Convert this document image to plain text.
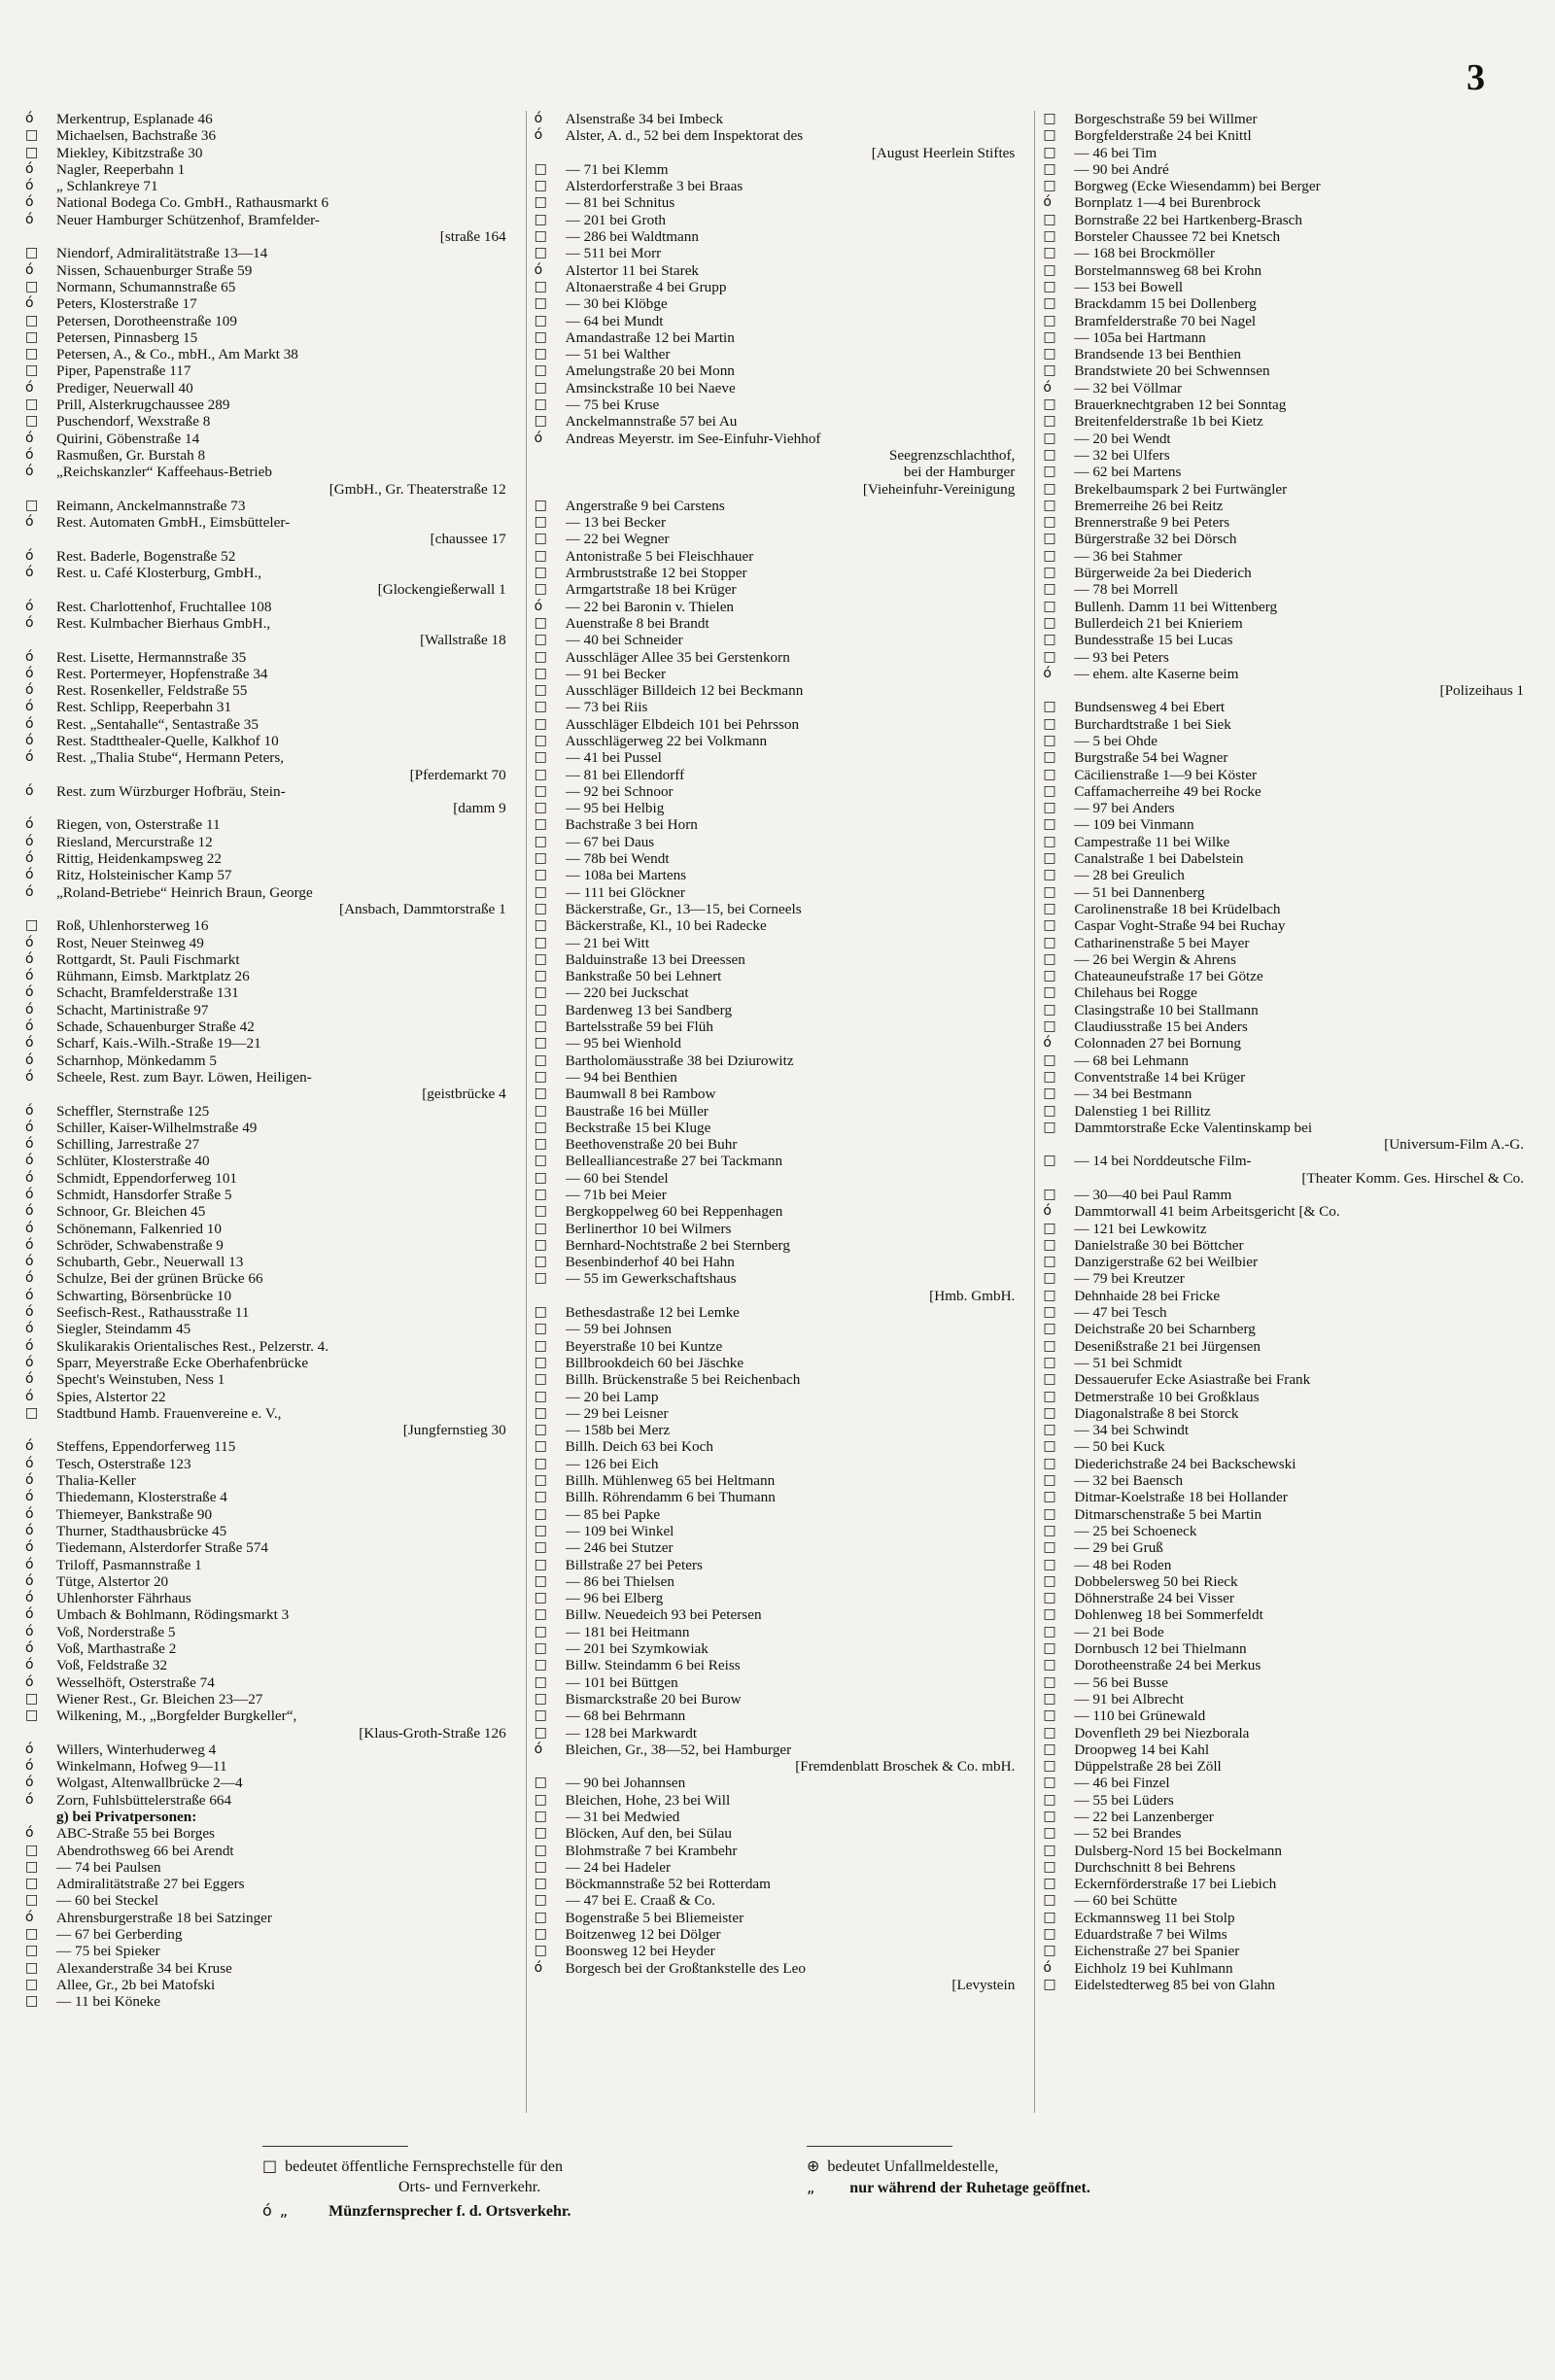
3
ό	Merkentrup, Esplanade 46
□	Michaelsen, Bachstraße 36
□	Miekley, Kibitzstraße 30
ό	Nagler, Reeperbahn 1
ό	„ Schlankreye 71
ό	National Bodega Co. GmbH., Rathausmarkt 6
ό	Neuer Hamburger Schützenhof, Bramfelder-
[straße 164
□	Niendorf, Admiralitätstraße 13—14
ό	Nissen, Schauenburger Straße 59
□	Normann, Schumannstraße 65
ό	Peters, Klosterstraße 17
□	Petersen, Dorotheenstraße 109
□	Petersen, Pinnasberg 15
□	Petersen, A., & Co., mbH., Am Markt 38
□	Piper, Papenstraße 117
ό	Prediger, Neuerwall 40
□	Prill, Alsterkrugchaussee 289
□	Puschendorf, Wexstraße 8
ό	Quirini, Göbenstraße 14
ό	Rasmußen, Gr. Burstah 8
ό	„Reichskanzler“ Kaffeehaus-Betrieb
[GmbH., Gr. Theaterstraße 12
□	Reimann, Anckelmannstraße 73
ό	Rest. Automaten GmbH., Eimsbütteler-
[chaussee 17
ό	Rest. Baderle, Bogenstraße 52
ό	Rest. u. Café Klosterburg, GmbH.,
[Glockengießerwall 1
ό	Rest. Charlottenhof, Fruchtallee 108
ό	Rest. Kulmbacher Bierhaus GmbH.,
[Wallstraße 18
ό	Rest. Lisette, Hermannstraße 35
ό	Rest. Portermeyer, Hopfenstraße 34
ό	Rest. Rosenkeller, Feldstraße 55
ό	Rest. Schlipp, Reeperbahn 31
ό	Rest. „Sentahalle“, Sentastraße 35
ό	Rest. Stadtthealer-Quelle, Kalkhof 10
ό	Rest. „Thalia Stube“, Hermann Peters,
[Pferdemarkt 70
ό	Rest. zum Würzburger Hofbräu, Stein-
[damm 9
ό	Riegen, von, Osterstraße 11
ό	Riesland, Mercurstraße 12
ό	Rittig, Heidenkampsweg 22
ό	Ritz, Holsteinischer Kamp 57
ό	„Roland-Betriebe“ Heinrich Braun, George
[Ansbach, Dammtorstraße 1
□	Roß, Uhlenhorsterweg 16
ό	Rost, Neuer Steinweg 49
ό	Rottgardt, St. Pauli Fischmarkt
ό	Rühmann, Eimsb. Marktplatz 26
ό	Schacht, Bramfelderstraße 131
ό	Schacht, Martinistraße 97
ό	Schade, Schauenburger Straße 42
ό	Scharf, Kais.-Wilh.-Straße 19—21
ό	Scharnhop, Mönkedamm 5
ό	Scheele, Rest. zum Bayr. Löwen, Heiligen-
[geistbrücke 4
ό	Scheffler, Sternstraße 125
ό	Schiller, Kaiser-Wilhelmstraße 49
ό	Schilling, Jarrestraße 27
ό	Schlüter, Klosterstraße 40
ό	Schmidt, Eppendorferweg 101
ό	Schmidt, Hansdorfer Straße 5
ό	Schnoor, Gr. Bleichen 45
ό	Schönemann, Falkenried 10
ό	Schröder, Schwabenstraße 9
ό	Schubarth, Gebr., Neuerwall 13
ό	Schulze, Bei der grünen Brücke 66
ό	Schwarting, Börsenbrücke 10
ό	Seefisch-Rest., Rathausstraße 11
ό	Siegler, Steindamm 45
ό	Skulikarakis Orientalisches Rest., Pelzerstr. 4.
ό	Sparr, Meyerstraße Ecke Oberhafenbrücke
ό	Specht's Weinstuben, Ness 1
ό	Spies, Alstertor 22
□	Stadtbund Hamb. Frauenvereine e. V.,
[Jungfernstieg 30
ό	Steffens, Eppendorferweg 115
ό	Tesch, Osterstraße 123
ό	Thalia-Keller
ό	Thiedemann, Klosterstraße 4
ό	Thiemeyer, Bankstraße 90
ό	Thurner, Stadthausbrücke 45
ό	Tiedemann, Alsterdorfer Straße 574
ό	Triloff, Pasmannstraße 1
ό	Tütge, Alstertor 20
ό	Uhlenhorster Fährhaus
ό	Umbach & Bohlmann, Rödingsmarkt 3
ό	Voß, Norderstraße 5
ό	Voß, Marthastraße 2
ό	Voß, Feldstraße 32
ό	Wesselhöft, Osterstraße 74
□	Wiener Rest., Gr. Bleichen 23—27
□	Wilkening, M., „Borgfelder Burgkeller“,
[Klaus-Groth-Straße 126
ό	Willers, Winterhuderweg 4
ό	Winkelmann, Hofweg 9—11
ό	Wolgast, Altenwallbrücke 2—4
ό	Zorn, Fuhlsbüttelerstraße 664
g) bei Privatpersonen:
ό	ABC-Straße 55 bei Borges
□	Abendrothsweg 66 bei Arendt
□	— 74 bei Paulsen
□	Admiralitätstraße 27 bei Eggers
□	— 60 bei Steckel
ό	Ahrensburgerstraße 18 bei Satzinger
□	— 67 bei Gerberding
□	— 75 bei Spieker
□	Alexanderstraße 34 bei Kruse
□	Allee, Gr., 2b bei Matofski
□	— 11 bei Köneke
ό	Alsenstraße 34 bei Imbeck
ό	Alster, A. d., 52 bei dem Inspektorat des
[August Heerlein Stiftes
□	— 71 bei Klemm
□	Alsterdorferstraße 3 bei Braas
□	— 81 bei Schnitus
□	— 201 bei Groth
□	— 286 bei Waldtmann
□	— 511 bei Morr
ό	Alstertor 11 bei Starek
□	Altonaerstraße 4 bei Grupp
□	— 30 bei Klöbge
□	— 64 bei Mundt
□	Amandastraße 12 bei Martin
□	— 51 bei Walther
□	Amelungstraße 20 bei Monn
□	Amsinckstraße 10 bei Naeve
□	— 75 bei Kruse
□	Anckelmannstraße 57 bei Au
ό	Andreas Meyerstr. im See-Einfuhr-Viehhof
Seegrenzschlachthof,
bei der Hamburger
[Vieheinfuhr-Vereinigung
□	Angerstraße 9 bei Carstens
□	— 13 bei Becker
□	— 22 bei Wegner
□	Antonistraße 5 bei Fleischhauer
□	Armbruststraße 12 bei Stopper
□	Armgartstraße 18 bei Krüger
ό	— 22 bei Baronin v. Thielen
□	Auenstraße 8 bei Brandt
□	— 40 bei Schneider
□	Ausschläger Allee 35 bei Gerstenkorn
□	— 91 bei Becker
□	Ausschläger Billdeich 12 bei Beckmann
□	— 73 bei Riis
□	Ausschläger Elbdeich 101 bei Pehrsson
□	Ausschlägerweg 22 bei Volkmann
□	— 41 bei Pussel
□	— 81 bei Ellendorff
□	— 92 bei Schnoor
□	— 95 bei Helbig
□	Bachstraße 3 bei Horn
□	— 67 bei Daus
□	— 78b bei Wendt
□	— 108a bei Martens
□	— 111 bei Glöckner
□	Bäckerstraße, Gr., 13—15, bei Corneels
□	Bäckerstraße, Kl., 10 bei Radecke
□	— 21 bei Witt
□	Balduinstraße 13 bei Dreessen
□	Bankstraße 50 bei Lehnert
□	— 220 bei Juckschat
□	Bardenweg 13 bei Sandberg
□	Bartelsstraße 59 bei Flüh
□	— 95 bei Wienhold
□	Bartholomäusstraße 38 bei Dziurowitz
□	— 94 bei Benthien
□	Baumwall 8 bei Rambow
□	Baustraße 16 bei Müller
□	Beckstraße 15 bei Kluge
□	Beethovenstraße 20 bei Buhr
□	Bellealliancestraße 27 bei Tackmann
□	— 60 bei Stendel
□	— 71b bei Meier
□	Bergkoppelweg 60 bei Reppenhagen
□	Berlinerthor 10 bei Wilmers
□	Bernhard-Nochtstraße 2 bei Sternberg
□	Besenbinderhof 40 bei Hahn
□	— 55 im Gewerkschaftshaus
[Hmb. GmbH.
□	Bethesdastraße 12 bei Lemke
□	— 59 bei Johnsen
□	Beyerstraße 10 bei Kuntze
□	Billbrookdeich 60 bei Jäschke
□	Billh. Brückenstraße 5 bei Reichenbach
□	— 20 bei Lamp
□	— 29 bei Leisner
□	— 158b bei Merz
□	Billh. Deich 63 bei Koch
□	— 126 bei Eich
□	Billh. Mühlenweg 65 bei Heltmann
□	Billh. Röhrendamm 6 bei Thumann
□	— 85 bei Papke
□	— 109 bei Winkel
□	— 246 bei Stutzer
□	Billstraße 27 bei Peters
□	— 86 bei Thielsen
□	— 96 bei Elberg
□	Billw. Neuedeich 93 bei Petersen
□	— 181 bei Heitmann
□	— 201 bei Szymkowiak
□	Billw. Steindamm 6 bei Reiss
□	— 101 bei Büttgen
□	Bismarckstraße 20 bei Burow
□	— 68 bei Behrmann
□	— 128 bei Markwardt
ό	Bleichen, Gr., 38—52, bei Hamburger
[Fremdenblatt Broschek & Co. mbH.
□	— 90 bei Johannsen
□	Bleichen, Hohe, 23 bei Will
□	— 31 bei Medwied
□	Blöcken, Auf den, bei Sülau
□	Blohmstraße 7 bei Krambehr
□	— 24 bei Hadeler
□	Böckmannstraße 52 bei Rotterdam
□	— 47 bei E. Craaß & Co.
□	Bogenstraße 5 bei Bliemeister
□	Boitzenweg 12 bei Dölger
□	Boonsweg 12 bei Heyder
ό	Borgesch bei der Großtankstelle des Leo
[Levystein
□	Borgeschstraße 59 bei Willmer
□	Borgfelderstraße 24 bei Knittl
□	— 46 bei Tim
□	— 90 bei André
□	Borgweg (Ecke Wiesendamm) bei Berger
ό	Bornplatz 1—4 bei Burenbrock
□	Bornstraße 22 bei Hartkenberg-Brasch
□	Borsteler Chaussee 72 bei Knetsch
□	— 168 bei Brockmöller
□	Borstelmannsweg 68 bei Krohn
□	— 153 bei Bowell
□	Brackdamm 15 bei Dollenberg
□	Bramfelderstraße 70 bei Nagel
□	— 105a bei Hartmann
□	Brandsende 13 bei Benthien
□	Brandstwiete 20 bei Schwennsen
ό	— 32 bei Völlmar
□	Brauerknechtgraben 12 bei Sonntag
□	Breitenfelderstraße 1b bei Kietz
□	— 20 bei Wendt
□	— 32 bei Ulfers
□	— 62 bei Martens
□	Brekelbaumspark 2 bei Furtwängler
□	Bremerreihe 26 bei Reitz
□	Brennerstraße 9 bei Peters
□	Bürgerstraße 32 bei Dörsch
□	— 36 bei Stahmer
□	Bürgerweide 2a bei Diederich
□	— 78 bei Morrell
□	Bullenh. Damm 11 bei Wittenberg
□	Bullerdeich 21 bei Knieriem
□	Bundesstraße 15 bei Lucas
□	— 93 bei Peters
ό	— ehem. alte Kaserne beim
[Polizeihaus 1
□	Bundsensweg 4 bei Ebert
□	Burchardtstraße 1 bei Siek
□	— 5 bei Ohde
□	Burgstraße 54 bei Wagner
□	Cäcilienstraße 1—9 bei Köster
□	Caffamacherreihe 49 bei Rocke
□	— 97 bei Anders
□	— 109 bei Vinmann
□	Campestraße 11 bei Wilke
□	Canalstraße 1 bei Dabelstein
□	— 28 bei Greulich
□	— 51 bei Dannenberg
□	Carolinenstraße 18 bei Krüdelbach
□	Caspar Voght-Straße 94 bei Ruchay
□	Catharinenstraße 5 bei Mayer
□	— 26 bei Wergin & Ahrens
□	Chateauneufstraße 17 bei Götze
□	Chilehaus bei Rogge
□	Clasingstraße 10 bei Stallmann
□	Claudiusstraße 15 bei Anders
ό	Colonnaden 27 bei Bornung
□	— 68 bei Lehmann
□	Conventstraße 14 bei Krüger
□	— 34 bei Bestmann
□	Dalenstieg 1 bei Rillitz
□	Dammtorstraße Ecke Valentinskamp bei
[Universum-Film A.-G.
□	— 14 bei Norddeutsche Film-
[Theater Komm. Ges. Hirschel & Co.
□	— 30—40 bei Paul Ramm
ό	Dammtorwall 41 beim Arbeitsgericht [& Co.
□	— 121 bei Lewkowitz
□	Danielstraße 30 bei Böttcher
□	Danzigerstraße 62 bei Weilbier
□	— 79 bei Kreutzer
□	Dehnhaide 28 bei Fricke
□	— 47 bei Tesch
□	Deichstraße 20 bei Scharnberg
□	Desenißstraße 21 bei Jürgensen
□	— 51 bei Schmidt
□	Dessauerufer Ecke Asiastraße bei Frank
□	Detmerstraße 10 bei Großklaus
□	Diagonalstraße 8 bei Storck
□	— 34 bei Schwindt
□	— 50 bei Kuck
□	Diederichstraße 24 bei Backschewski
□	— 32 bei Baensch
□	Ditmar-Koelstraße 18 bei Hollander
□	Ditmarschenstraße 5 bei Martin
□	— 25 bei Schoeneck
□	— 29 bei Gruß
□	— 48 bei Roden
□	Dobbelersweg 50 bei Rieck
□	Döhnerstraße 24 bei Visser
□	Dohlenweg 18 bei Sommerfeldt
□	— 21 bei Bode
□	Dornbusch 12 bei Thielmann
□	Dorotheenstraße 24 bei Merkus
□	— 56 bei Busse
□	— 91 bei Albrecht
□	— 110 bei Grünewald
□	Dovenfleth 29 bei Niezborala
□	Droopweg 14 bei Kahl
□	Düppelstraße 28 bei Zöll
□	— 46 bei Finzel
□	— 55 bei Lüders
□	— 22 bei Lanzenberger
□	— 52 bei Brandes
□	Dulsberg-Nord 15 bei Bockelmann
□	Durchschnitt 8 bei Behrens
□	Eckernförderstraße 17 bei Liebich
□	— 60 bei Schütte
□	Eckmannsweg 11 bei Stolp
□	Eduardstraße 7 bei Wilms
□	Eichenstraße 27 bei Spanier
ό	Eichholz 19 bei Kuhlmann
□	Eidelstedterweg 85 bei von Glahn
□ bedeutet öffentliche Fernsprechstelle für den
Orts- und Fernverkehr.
ό „	Münzfernsprecher f. d. Ortsverkehr.
⊕ bedeutet Unfallmeldestelle,
„ nur während der Ruhetage geöffnet.
